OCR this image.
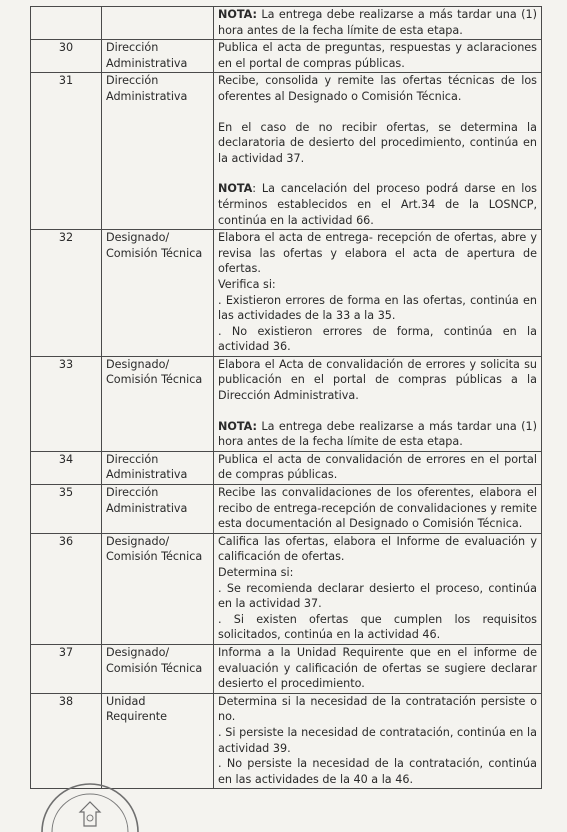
		NOTA: La entrega debe realizarse a más tardar una (1) hora antes de la fecha límite de esta etapa.

30	Dirección Administrativa	Publica el acta de preguntas, respuestas y aclaraciones en el portal de compras públicas.

31	Dirección Administrativa	Recibe, consolida y remite las ofertas técnicas de los oferentes al Designado o Comisión Técnica.

En el caso de no recibir ofertas, se determina la declaratoria de desierto del procedimiento, continúa en la actividad 37.

NOTA: La cancelación del proceso podrá darse en los términos establecidos en el Art.34 de la LOSNCP, continúa en la actividad 66.

32	Designado/ Comisión Técnica	Elabora el acta de entrega- recepción de ofertas, abre y revisa las ofertas y elabora el acta de apertura de ofertas.

Verifica si:

. Existieron errores de forma en las ofertas, continúa en las actividades de la 33 a la 35.

. No existieron errores de forma, continúa en la actividad 36.

33	Designado/ Comisión Técnica	Elabora el Acta de convalidación de errores y solicita su publicación en el portal de compras públicas a la Dirección Administrativa.

NOTA: La entrega debe realizarse a más tardar una (1) hora antes de la fecha límite de esta etapa.

34	Dirección Administrativa	Publica el acta de convalidación de errores en el portal de compras públicas.

35	Dirección Administrativa	Recibe las convalidaciones de los oferentes, elabora el recibo de entrega-recepción de convalidaciones y remite esta documentación al Designado o Comisión Técnica.

36	Designado/ Comisión Técnica	Califica las ofertas, elabora el Informe de evaluación y calificación de ofertas.

Determina si:

. Se recomienda declarar desierto el proceso, continúa en la actividad 37.

. Si existen ofertas que cumplen los requisitos solicitados, continúa en la actividad 46.

37	Designado/ Comisión Técnica	Informa a la Unidad Requirente que en el informe de evaluación y calificación de ofertas se sugiere declarar desierto el procedimiento.

38	Unidad Requirente	Determina si la necesidad de la contratación persiste o no.

. Si persiste la necesidad de contratación, continúa en la actividad 39.

. No persiste la necesidad de la contratación, continúa en las actividades de la 40 a la 46.
